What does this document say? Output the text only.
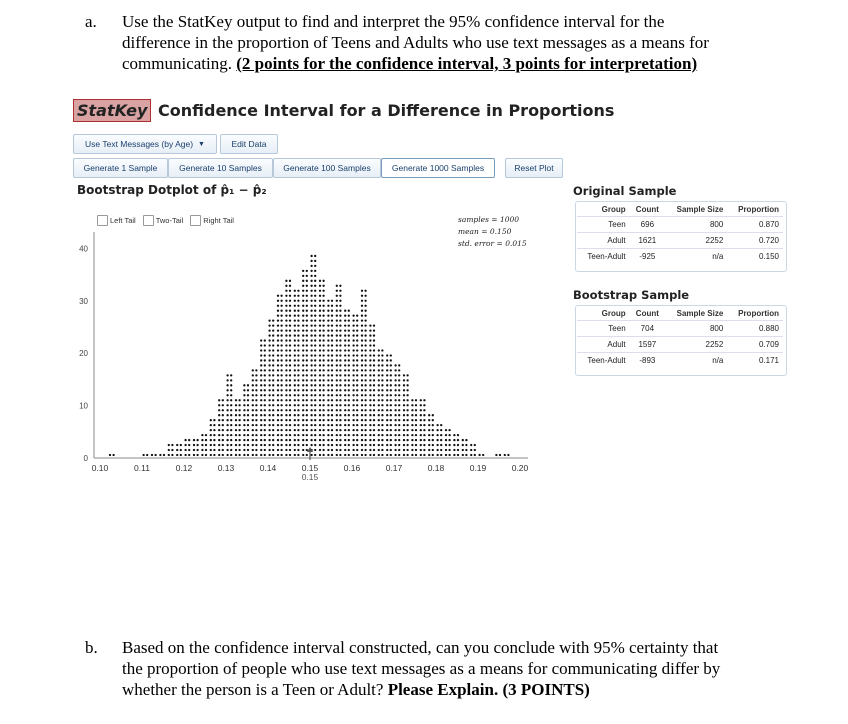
a. Use the StatKey output to find and interpret the 95% confidence interval for the
difference in the proportion of Teens and Adults who use text messages as a means for
communicating. (2 points for the confidence interval, 3 points for interpretation)
StatKey Confidence Interval for a Difference in Proportions
Use Text Messages (by Age) ▼	Edit Data
Generate 1 Sample	Generate 10 Samples	Generate 100 Samples	Generate 1000 Samples	Reset Plot
Bootstrap Dotplot of p̂₁ − p̂₂
0
10
20
30
40
0.10	0.11	0.12	0.13	0.14	0.15	0.16	0.17	0.18	0.19	0.20
0.15
Left Tail	Two-Tail	Right Tail	samples = 1000
mean = 0.150
std. error = 0.015
Original Sample
Group	Count	Sample Size	Proportion
Teen	696	800	0.870
Adult	1621	2252	0.720
Teen-Adult	-925	n/a	0.150
Bootstrap Sample
Group	Count	Sample Size	Proportion
Teen	704	800	0.880
Adult	1597	2252	0.709
Teen-Adult	-893	n/a	0.171
b. Based on the confidence interval constructed, can you conclude with 95% certainty that
the proportion of people who use text messages as a means for communicating differ by
whether the person is a Teen or Adult? Please Explain. (3 POINTS)
